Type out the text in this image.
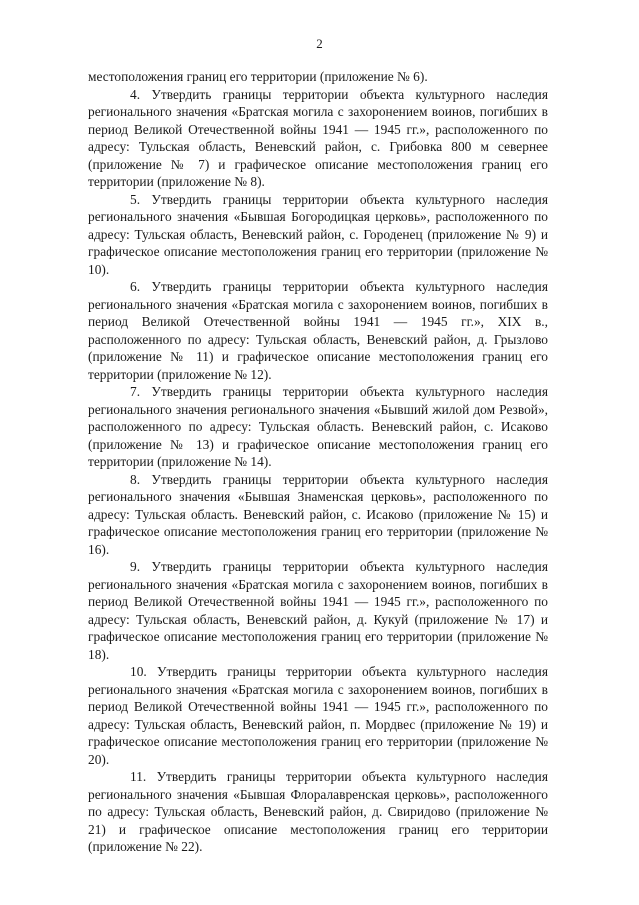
2

местоположения границ его территории (приложение № 6).

4. Утвердить границы территории объекта культурного наследия регионального значения «Братская могила с захоронением воинов, погибших в период Великой Отечественной войны 1941 — 1945 гг.», расположенного по адресу: Тульская область, Веневский район, с. Грибовка 800 м севернее (приложение № 7) и графическое описание местоположения границ его территории (приложение № 8).

5. Утвердить границы территории объекта культурного наследия регионального значения «Бывшая Богородицкая церковь», расположенного по адресу: Тульская область, Веневский район, с. Городенец (приложение № 9) и графическое описание местоположения границ его территории (приложение № 10).

6. Утвердить границы территории объекта культурного наследия регионального значения «Братская могила с захоронением воинов, погибших в период Великой Отечественной войны 1941 — 1945 гг.», XIX в., расположенного по адресу: Тульская область, Веневский район, д. Грызлово (приложение № 11) и графическое описание местоположения границ его территории (приложение № 12).

7. Утвердить границы территории объекта культурного наследия регионального значения регионального значения «Бывший жилой дом Резвой», расположенного по адресу: Тульская область. Веневский район, с. Исаково (приложение № 13) и графическое описание местоположения границ его территории (приложение № 14).

8. Утвердить границы территории объекта культурного наследия регионального значения «Бывшая Знаменская церковь», расположенного по адресу: Тульская область. Веневский район, с. Исаково (приложение № 15) и графическое описание местоположения границ его территории (приложение № 16).

9. Утвердить границы территории объекта культурного наследия регионального значения «Братская могила с захоронением воинов, погибших в период Великой Отечественной войны 1941 — 1945 гг.», расположенного по адресу: Тульская область, Веневский район, д. Кукуй (приложение № 17) и графическое описание местоположения границ его территории (приложение № 18).

10. Утвердить границы территории объекта культурного наследия регионального значения «Братская могила с захоронением воинов, погибших в период Великой Отечественной войны 1941 — 1945 гг.», расположенного по адресу: Тульская область, Веневский район, п. Мордвес (приложение № 19) и графическое описание местоположения границ его территории (приложение № 20).

11. Утвердить границы территории объекта культурного наследия регионального значения «Бывшая Флоралавренская церковь», расположенного по адресу: Тульская область, Веневский район, д. Свиридово (приложение № 21) и графическое описание местоположения границ его территории (приложение № 22).
